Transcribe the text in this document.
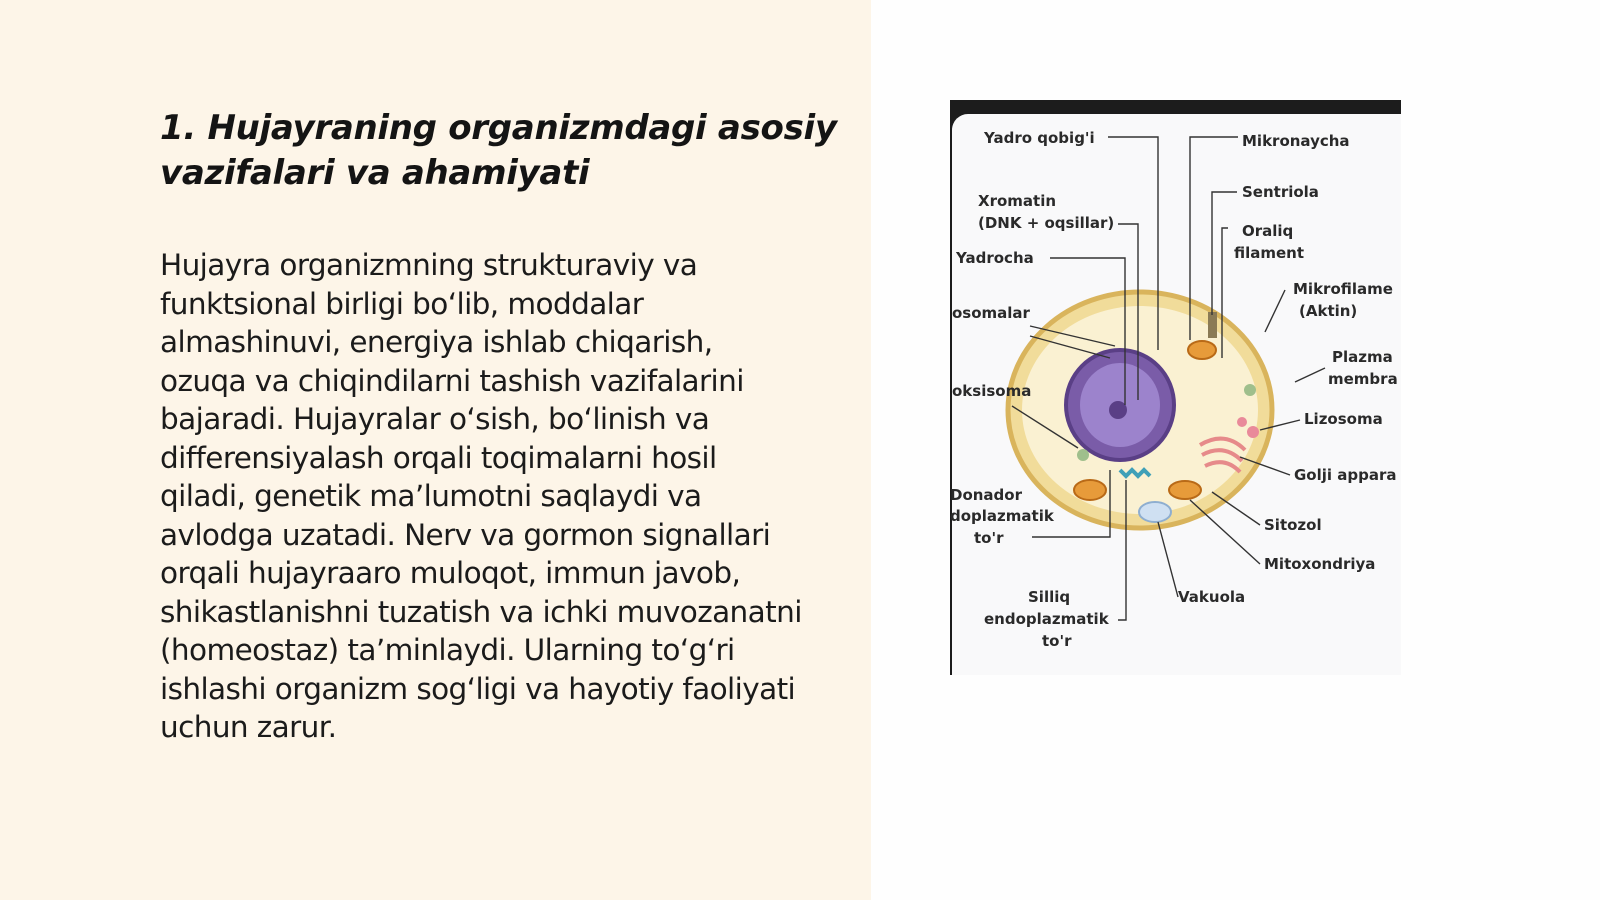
1. Hujayraning organizmdagi asosiy
vazifalari va ahamiyati

Hujayra organizmning strukturaviy va
funktsional birligi bo‘lib, moddalar
almashinuvi, energiya ishlab chiqarish,
ozuqa va chiqindilarni tashish vazifalarini
bajaradi. Hujayralar o‘sish, bo‘linish va
differensiyalash orqali toqimalarni hosil
qiladi, genetik ma’lumotni saqlaydi va
avlodga uzatadi. Nerv va gormon signallari
orqali hujayraaro muloqot, immun javob,
shikastlanishni tuzatish va ichki muvozanatni
(homeostaz) ta’minlaydi. Ularning to‘g‘ri
ishlashi organizm sog‘ligi va hayotiy faoliyati
uchun zarur.

Yadro qobig'i
Xromatin
(DNK + oqsillar)
Yadrocha
osomalar
oksisoma
Donador
doplazmatik
to'r
Silliq
endoplazmatik
to'r
Mikronaycha
Sentriola
Oraliq
filament
Mikrofilame
(Aktin)
Plazma
membra
Lizosoma
Golji appara
Sitozol
Mitoxondriya
Vakuola
